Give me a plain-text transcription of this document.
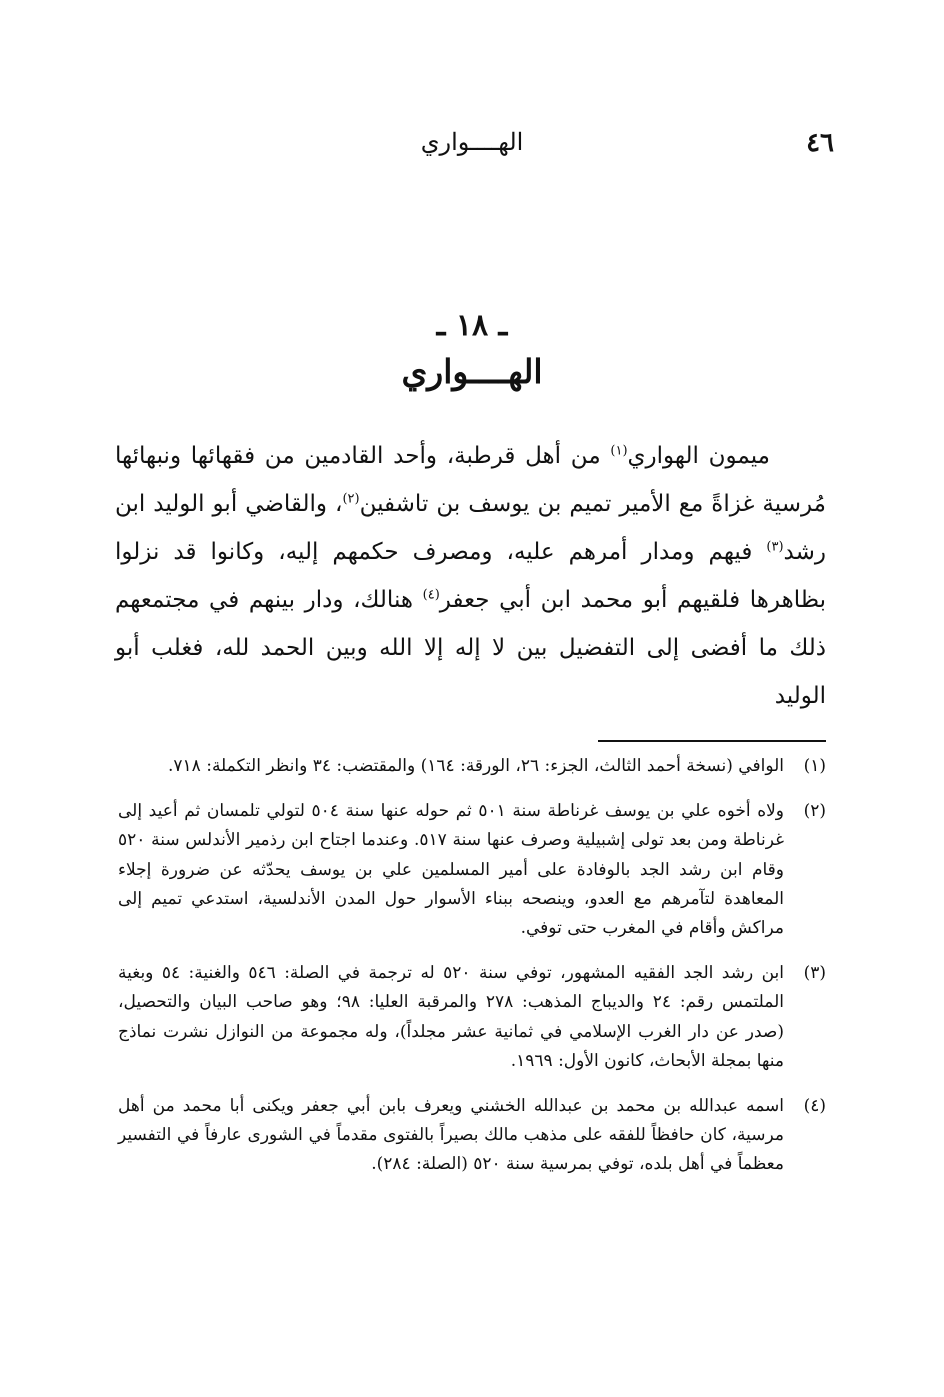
الهــــواري	٤٦
ـ ١٨ ـ
الهــــواري

ميمون الهواري$^{(١)}$ من أهل قرطبة، وأحد القادمين من فقهائها ونبهائها مُرسية غزاةً مع الأمير تميم بن يوسف بن تاشفين$^{(٢)}$، والقاضي أبو الوليد ابن رشد$^{(٣)}$ فيهم ومدار أمرهم عليه، ومصرف حكمهم إليه، وكانوا قد نزلوا بظاهرها فلقيهم أبو محمد ابن أبي جعفر$^{(٤)}$ هنالك، ودار بينهم في مجتمعهم ذلك ما أفضى إلى التفضيل بين لا إله إلا الله وبين الحمد لله، فغلب أبو الوليد

(١)
الوافي (نسخة أحمد الثالث، الجزء: ٢٦، الورقة: ١٦٤) والمقتضب: ٣٤ وانظر التكملة: ٧١٨.
(٢)
ولاه أخوه علي بن يوسف غرناطة سنة ٥٠١ ثم حوله عنها سنة ٥٠٤ لتولي تلمسان ثم أعيد إلى غرناطة ومن بعد تولى إشبيلية وصرف عنها سنة ٥١٧. وعندما اجتاح ابن رذمير الأندلس سنة ٥٢٠ وقام ابن رشد الجد بالوفادة على أمير المسلمين علي بن يوسف يحدّثه عن ضرورة إجلاء المعاهدة لتآمرهم مع العدو، وينصحه ببناء الأسوار حول المدن الأندلسية، استدعي تميم إلى مراكش وأقام في المغرب حتى توفي.
(٣)
ابن رشد الجد الفقيه المشهور، توفي سنة ٥٢٠ له ترجمة في الصلة: ٥٤٦ والغنية: ٥٤ وبغية الملتمس رقم: ٢٤ والديباج المذهب: ٢٧٨ والمرقبة العليا: ٩٨؛ وهو صاحب البيان والتحصيل، (صدر عن دار الغرب الإسلامي في ثمانية عشر مجلداً)، وله مجموعة من النوازل نشرت نماذج منها بمجلة الأبحاث، كانون الأول: ١٩٦٩.
(٤)
اسمه عبدالله بن محمد بن عبدالله الخشني ويعرف بابن أبي جعفر ويكنى أبا محمد من أهل مرسية، كان حافظاً للفقه على مذهب مالك بصيراً بالفتوى مقدماً في الشورى عارفاً في التفسير معظماً في أهل بلده، توفي بمرسية سنة ٥٢٠ (الصلة: ٢٨٤).
